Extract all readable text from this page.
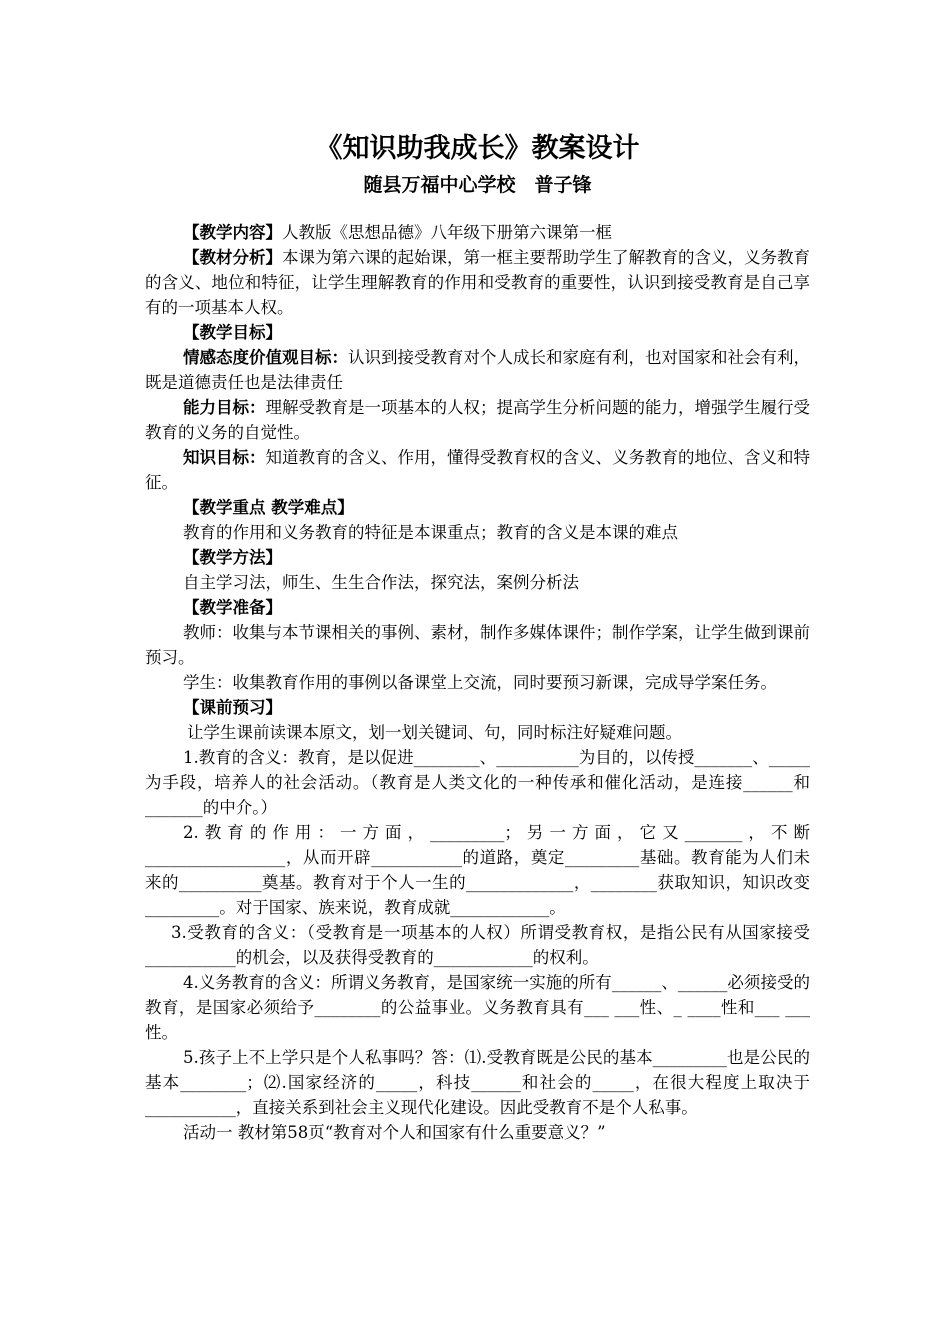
《知识助我成长》教案设计
随县万福中心学校　普子锋

【教学内容】人教版《思想品德》八年级下册第六课第一框

【教材分析】本课为第六课的起始课，第一框主要帮助学生了解教育的含义，义务教育的含义、地位和特征，让学生理解教育的作用和受教育的重要性，认识到接受教育是自己享有的一项基本人权。

【教学目标】

情感态度价值观目标：认识到接受教育对个人成长和家庭有利，也对国家和社会有利，既是道德责任也是法律责任

能力目标：理解受教育是一项基本的人权；提高学生分析问题的能力，增强学生履行受教育的义务的自觉性。

知识目标：知道教育的含义、作用，懂得受教育权的含义、义务教育的地位、含义和特征。

【教学重点 教学难点】

教育的作用和义务教育的特征是本课重点；教育的含义是本课的难点

【教学方法】

自主学习法，师生、生生合作法，探究法，案例分析法

【教学准备】

教师：收集与本节课相关的事例、素材，制作多媒体课件；制作学案，让学生做到课前预习。

学生：收集教育作用的事例以备课堂上交流，同时要预习新课，完成导学案任务。

【课前预习】

让学生课前读课本原文，划一划关键词、句，同时标注好疑难问题。

1.教育的含义：教育，是以促进________、__________为目的，以传授_______、_____为手段，培养人的社会活动。（教育是人类文化的一种传承和催化活动，是连接______和_______的中介。）

2.教育的作用：一方面，_________；另一方面，它又_______，不断_________________，从而开辟___________的道路，奠定_________基础。教育能为人们未来的__________奠基。教育对于个人一生的_____________，________获取知识，知识改变_________。对于国家、族来说，教育成就____________。

3.受教育的含义：（受教育是一项基本的人权）所谓受教育权，是指公民有从国家接受___________的机会，以及获得受教育的____________的权利。

4.义务教育的含义：所谓义务教育，是国家统一实施的所有______、______必须接受的教育，是国家必须给予________的公益事业。义务教育具有___ ___性、_ ____性和___ ___性。

5.孩子上不上学只是个人私事吗？答：⑴.受教育既是公民的基本_________也是公民的基本________；⑵.国家经济的_____，科技______和社会的_____，在很大程度上取决于___________，直接关系到社会主义现代化建设。因此受教育不是个人私事。

活动一 教材第58页“教育对个人和国家有什么重要意义？”
